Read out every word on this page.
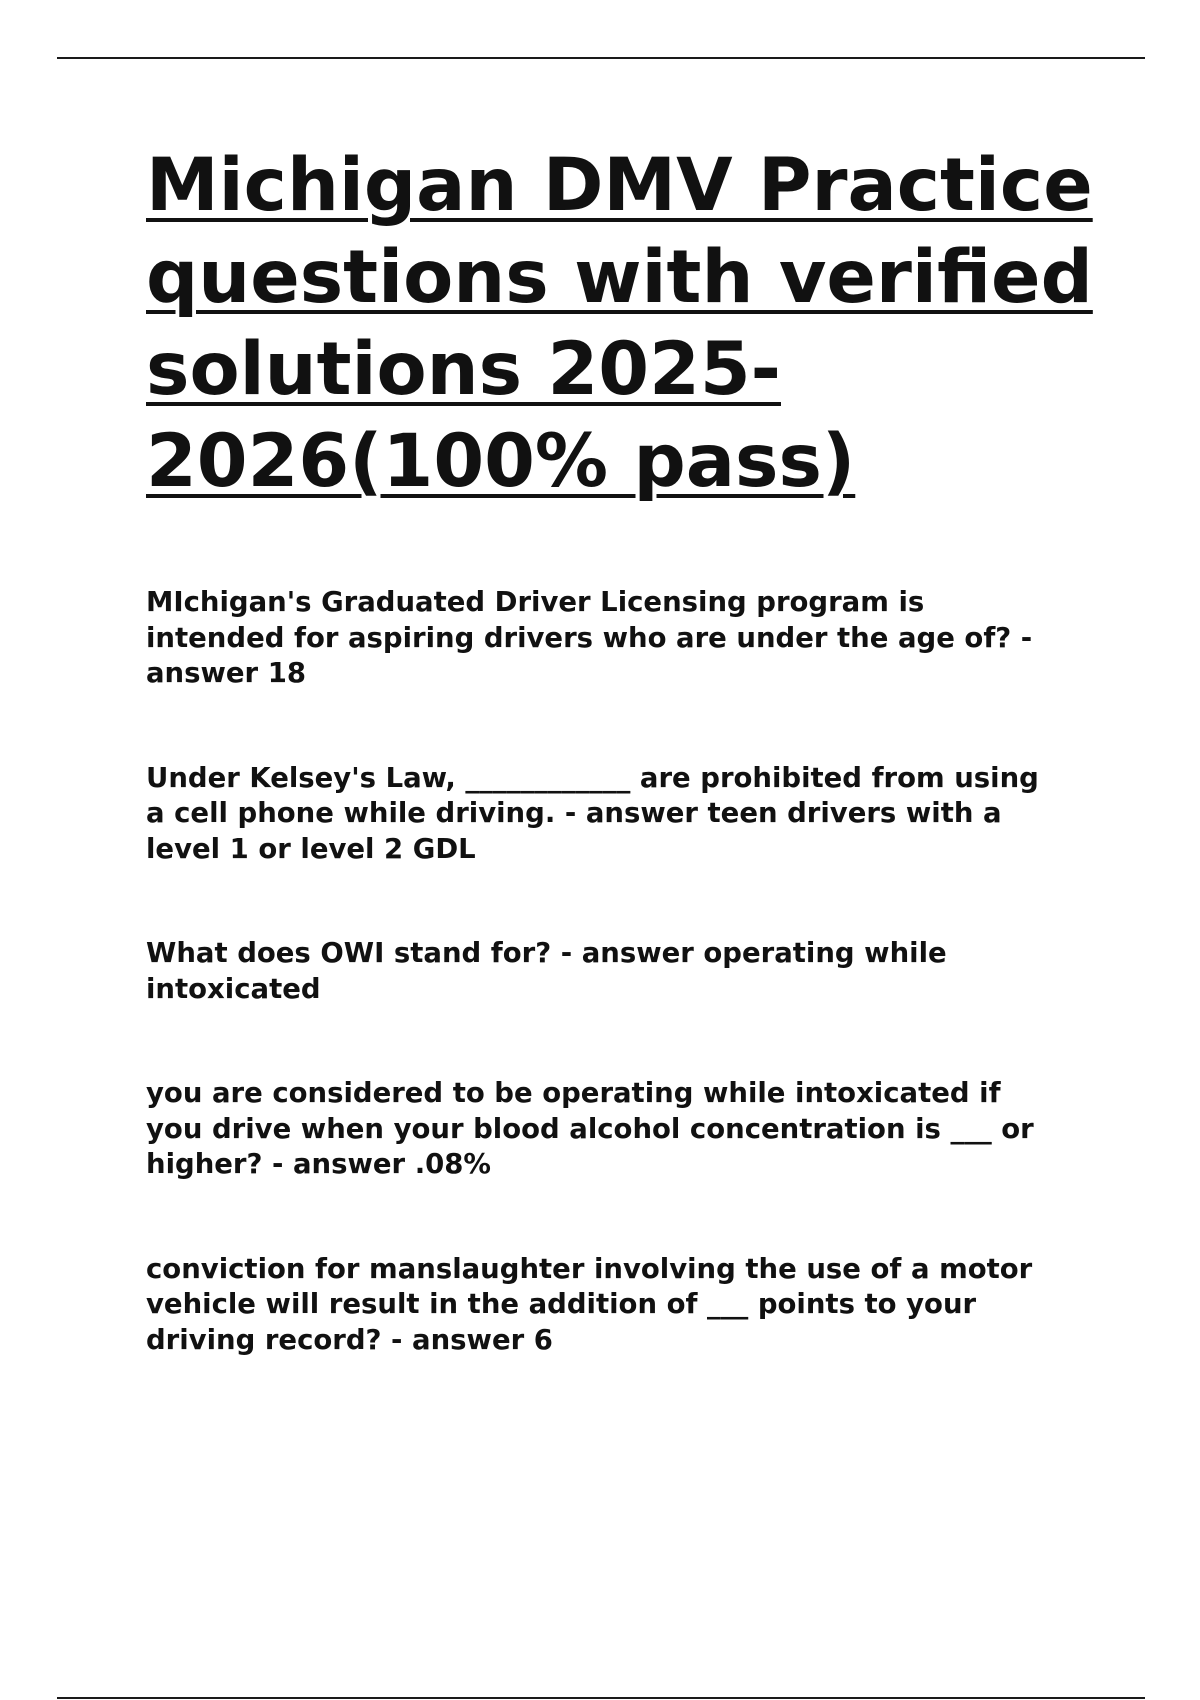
Michigan DMV Practice
questions with verified
solutions 2025-
2026(100% pass)
MIchigan's Graduated Driver Licensing program is
intended for aspiring drivers who are under the age of? -
answer 18
Under Kelsey's Law, ____________ are prohibited from using
a cell phone while driving. - answer teen drivers with a
level 1 or level 2 GDL
What does OWI stand for? - answer operating while
intoxicated
you are considered to be operating while intoxicated if
you drive when your blood alcohol concentration is ___ or
higher? - answer .08%
conviction for manslaughter involving the use of a motor
vehicle will result in the addition of ___ points to your
driving record? - answer 6
